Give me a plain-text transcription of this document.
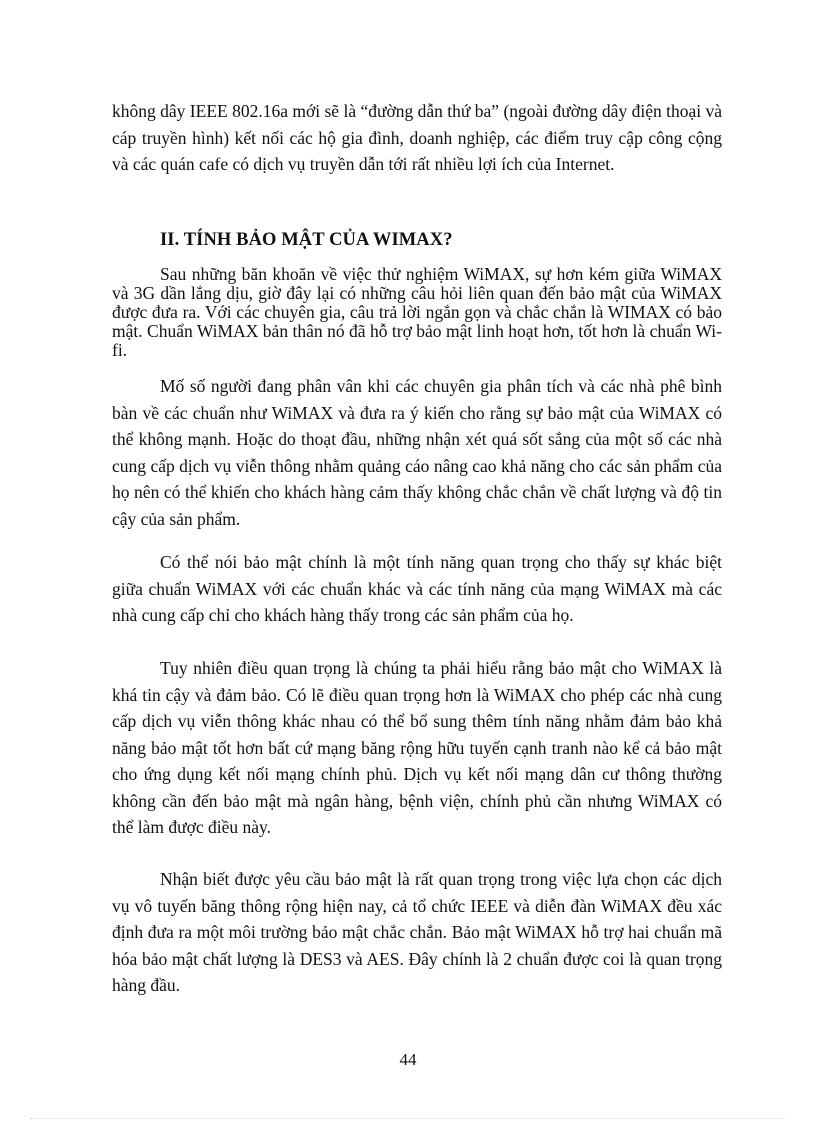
không dây IEEE 802.16a mới sẽ là “đường dẫn thứ ba” (ngoài đường dây điện thoại và cáp truyền hình) kết nối các hộ gia đình, doanh nghiệp, các điểm truy cập công cộng và các quán cafe có dịch vụ truyền dẫn tới rất nhiều lợi ích của Internet.

II. TÍNH BẢO MẬT CỦA WIMAX?

Sau những băn khoăn về việc thử nghiệm WiMAX, sự hơn kém giữa WiMAX và 3G dần lắng dịu, giờ đây lại có những câu hỏi liên quan đến bảo mật của WiMAX được đưa ra. Với các chuyên gia, câu trả lời ngắn gọn và chắc chắn là WIMAX có bảo mật. Chuẩn WiMAX bản thân nó đã hỗ trợ bảo mật linh hoạt hơn, tốt hơn là chuẩn Wi-fi.

Mố số người đang phân vân khi các chuyên gia phân tích và các nhà phê bình bàn về các chuẩn như WiMAX và đưa ra ý kiến cho rằng sự bảo mật của WiMAX có thể không mạnh. Hoặc do thoạt đầu, những nhận xét quá sốt sắng của một số các nhà cung cấp dịch vụ viễn thông nhằm quảng cáo nâng cao khả năng cho các sản phẩm của họ nên có thể khiến cho khách hàng cảm thấy không chắc chắn về chất lượng và độ tin cậy của sản phẩm.

Có thể nói bảo mật chính là một tính năng quan trọng cho thấy sự khác biệt giữa chuẩn WiMAX với các chuẩn khác và các tính năng của mạng WiMAX mà các nhà cung cấp chỉ cho khách hàng thấy trong các sản phẩm của họ.

Tuy nhiên điều quan trọng là chúng ta phải hiểu rằng bảo mật cho WiMAX là khá tin cậy và đảm bảo. Có lẽ điều quan trọng hơn là WiMAX cho phép các nhà cung cấp dịch vụ viễn thông khác nhau có thể bổ sung thêm tính năng nhằm đảm bảo khả năng bảo mật tốt hơn bất cứ mạng băng rộng hữu tuyến cạnh tranh nào kể cả bảo mật cho ứng dụng kết nối mạng chính phủ. Dịch vụ kết nối mạng dân cư thông thường không cần đến bảo mật mà ngân hàng, bệnh viện, chính phủ cần nhưng WiMAX có thể làm được điều này.

Nhận biết được yêu cầu bảo mật là rất quan trọng trong việc lựa chọn các dịch vụ vô tuyến băng thông rộng hiện nay, cả tổ chức IEEE và diễn đàn WiMAX đều xác định đưa ra một môi trường bảo mật chắc chắn. Bảo mật WiMAX hỗ trợ hai chuẩn mã hóa bảo mật chất lượng là DES3 và AES. Đây chính là 2 chuẩn được coi là quan trọng hàng đầu.

44
